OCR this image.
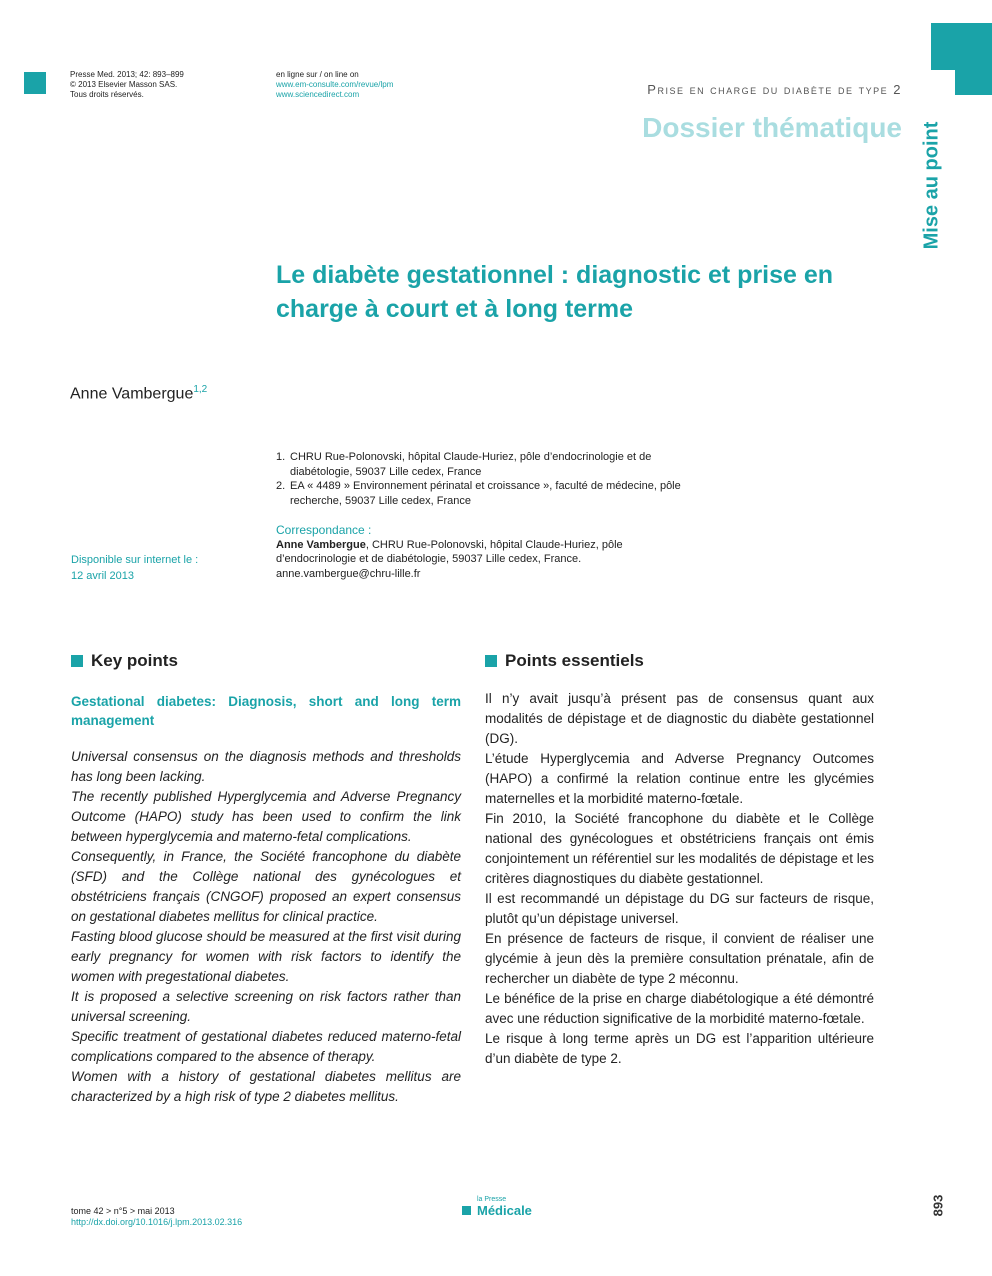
Presse Med. 2013; 42: 893–899
© 2013 Elsevier Masson SAS.
Tous droits réservés.
en ligne sur / on line on
www.em-consulte.com/revue/lpm
www.sciencedirect.com	Prise en charge du diabète de type 2
Dossier thématique Mise au point
Le diabète gestationnel : diagnostic et prise en charge à court et à long terme
Anne Vambergue$^{1,2}$
1. CHRU Rue-Polonovski, hôpital Claude-Huriez, pôle d’endocrinologie et de diabétologie, 59037 Lille cedex, France
2. EA « 4489 » Environnement périnatal et croissance », faculté de médecine, pôle recherche, 59037 Lille cedex, France
Correspondance :
Anne Vambergue, CHRU Rue-Polonovski, hôpital Claude-Huriez, pôle d’endocrinologie et de diabétologie, 59037 Lille cedex, France.
anne.vambergue@chru-lille.fr
Disponible sur internet le :
12 avril 2013
Key points
Gestational diabetes: Diagnosis, short and long term management

Universal consensus on the diagnosis methods and thresholds has long been lacking.

The recently published Hyperglycemia and Adverse Pregnancy Outcome (HAPO) study has been used to confirm the link between hyperglycemia and materno-fetal complications.

Consequently, in France, the Société francophone du diabète (SFD) and the Collège national des gynécologues et obstétriciens français (CNGOF) proposed an expert consensus on gestational diabetes mellitus for clinical practice.

Fasting blood glucose should be measured at the first visit during early pregnancy for women with risk factors to identify the women with pregestational diabetes.

It is proposed a selective screening on risk factors rather than universal screening.

Specific treatment of gestational diabetes reduced materno-fetal complications compared to the absence of therapy.

Women with a history of gestational diabetes mellitus are characterized by a high risk of type 2 diabetes mellitus.

Points essentiels

Il n’y avait jusqu’à présent pas de consensus quant aux modalités de dépistage et de diagnostic du diabète gestationnel (DG).

L’étude Hyperglycemia and Adverse Pregnancy Outcomes (HAPO) a confirmé la relation continue entre les glycémies maternelles et la morbidité materno-fœtale.

Fin 2010, la Société francophone du diabète et le Collège national des gynécologues et obstétriciens français ont émis conjointement un référentiel sur les modalités de dépistage et les critères diagnostiques du diabète gestationnel.

Il est recommandé un dépistage du DG sur facteurs de risque, plutôt qu’un dépistage universel.

En présence de facteurs de risque, il convient de réaliser une glycémie à jeun dès la première consultation prénatale, afin de rechercher un diabète de type 2 méconnu.

Le bénéfice de la prise en charge diabétologique a été démontré avec une réduction significative de la morbidité materno-fœtale.

Le risque à long terme après un DG est l’apparition ultérieure d’un diabète de type 2.

tome 42 > n°5 > mai 2013
http://dx.doi.org/10.1016/j.lpm.2013.02.316
la Presse
Médicale	893
